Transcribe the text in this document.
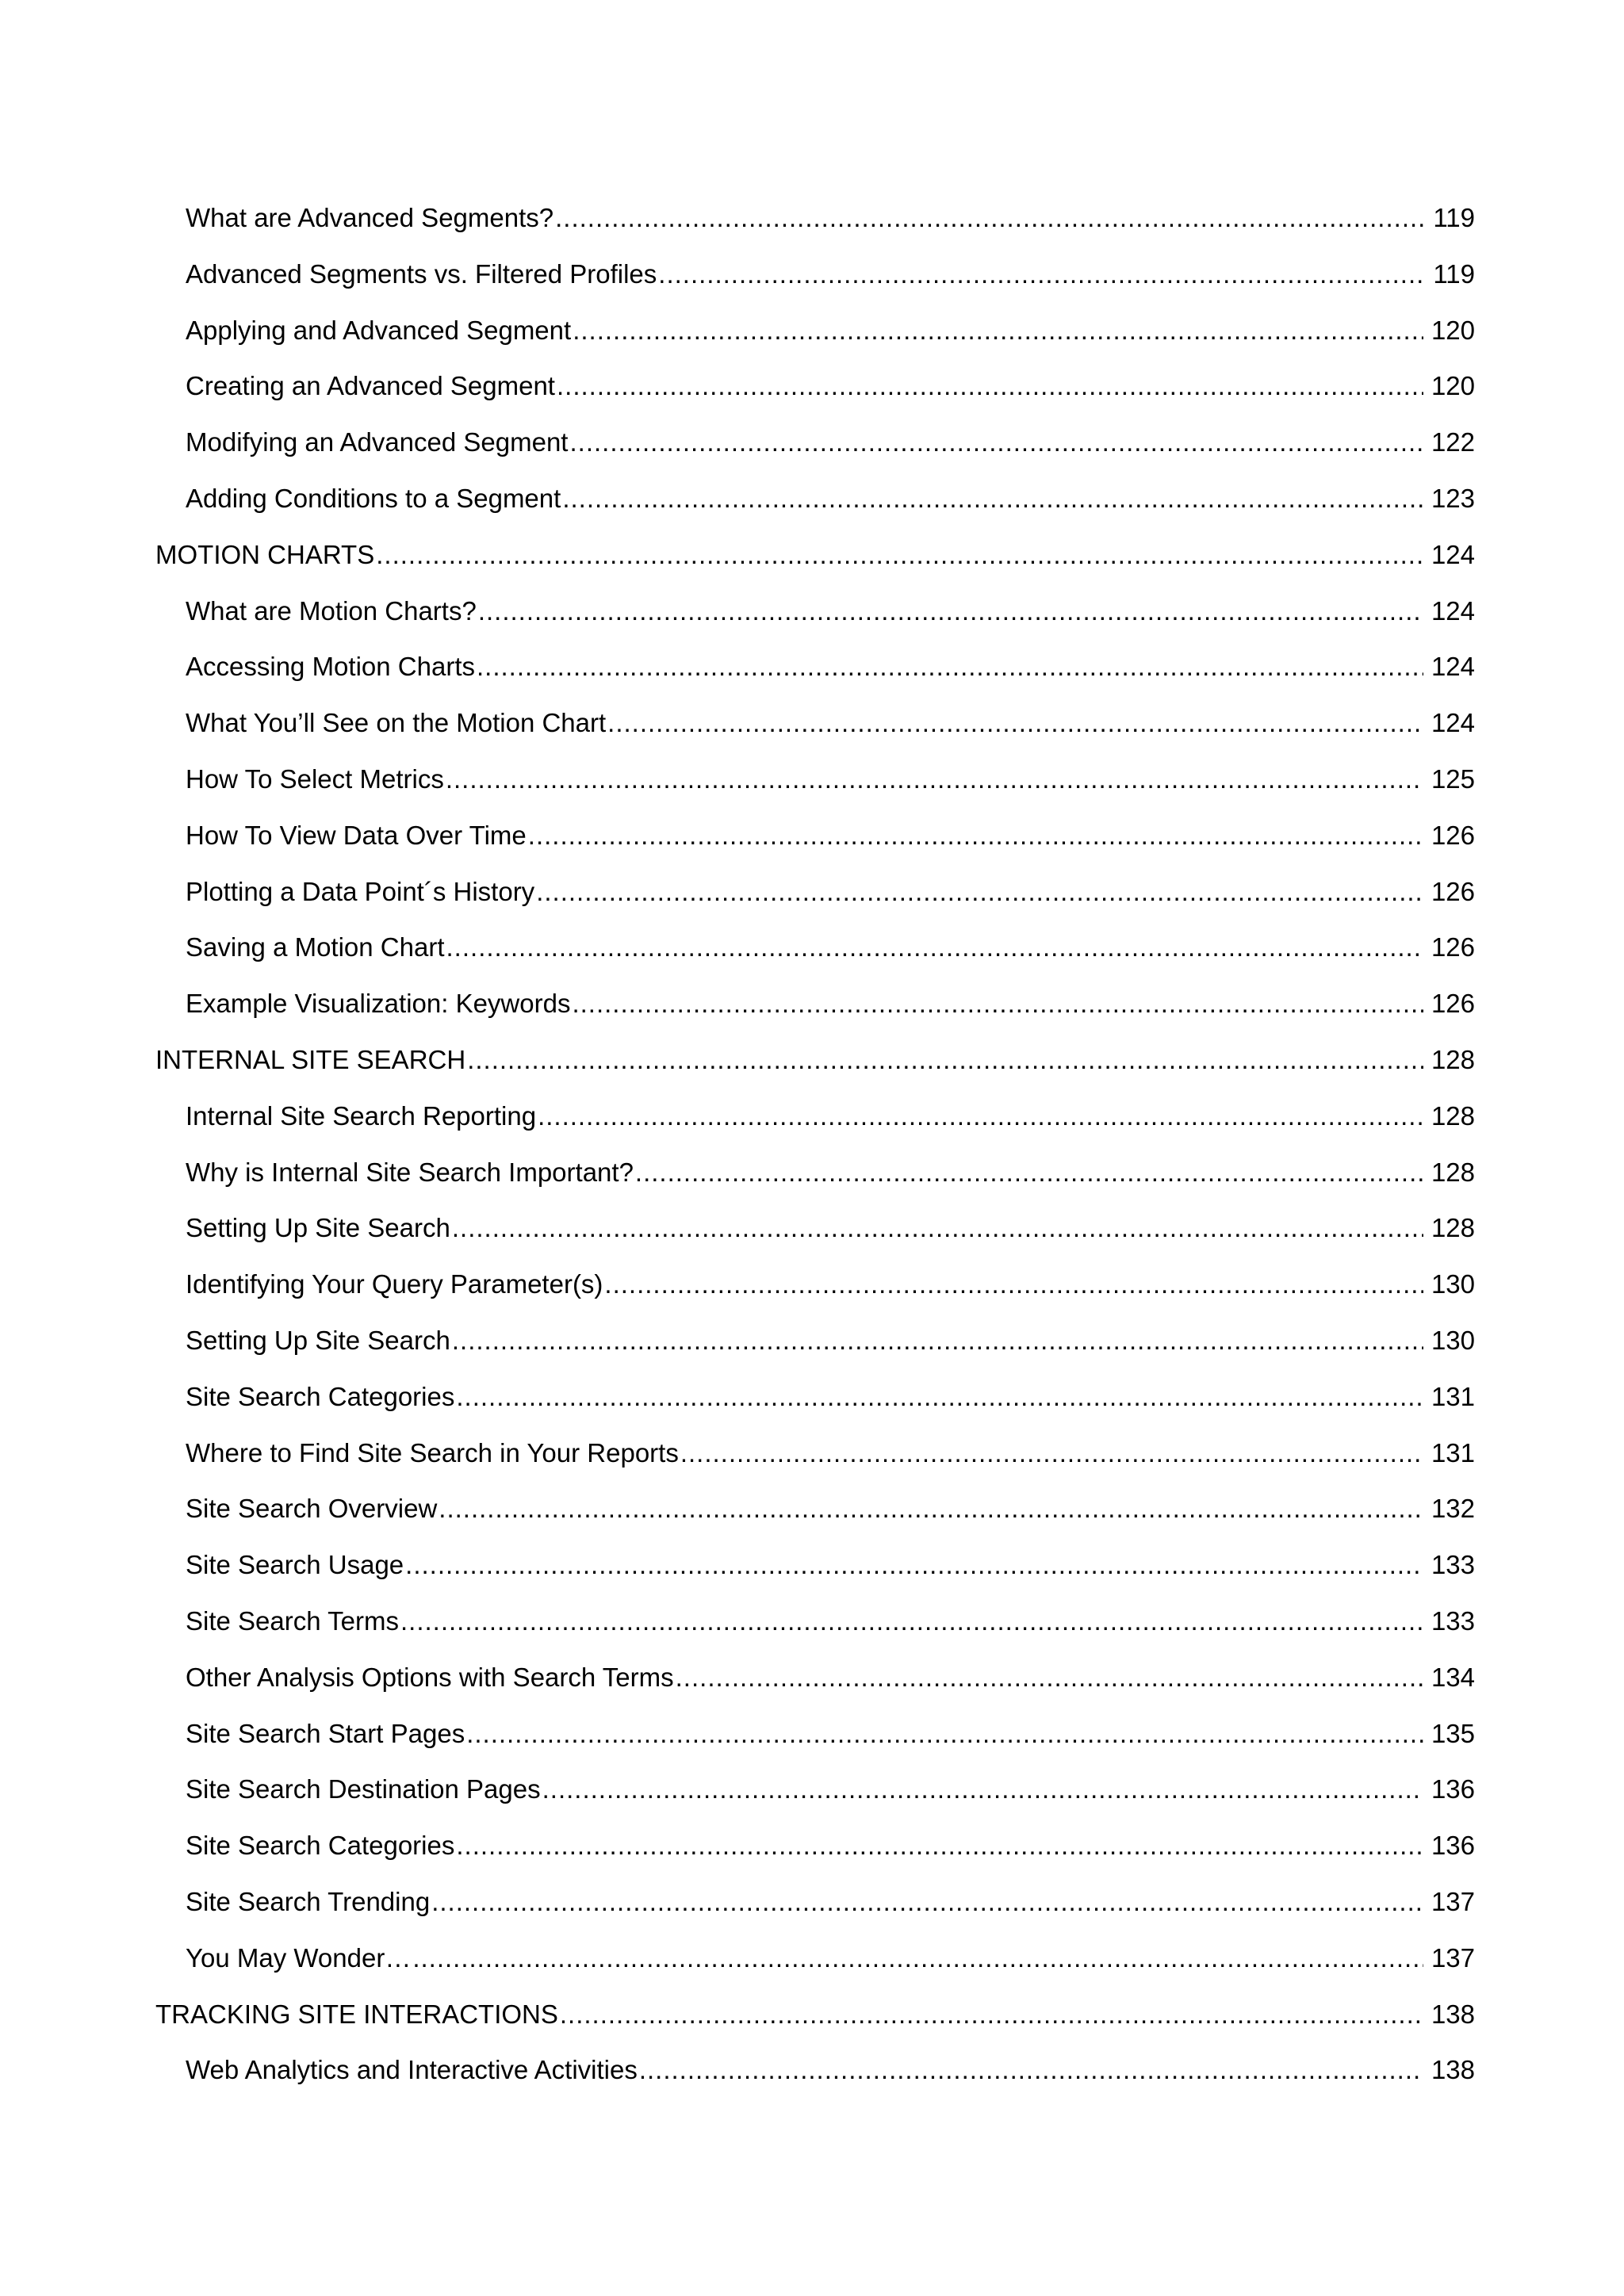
What are Advanced Segments? .....	119
Advanced Segments vs. Filtered Profiles .....	119
Applying and Advanced Segment .....	120
Creating an Advanced Segment .....	120
Modifying an Advanced Segment .....	122
Adding Conditions to a Segment .....	123
MOTION CHARTS .....	124
What are Motion Charts? .....	124
Accessing Motion Charts .....	124
What You’ll See on the Motion Chart .....	124
How To Select Metrics .....	125
How To View Data Over Time .....	126
Plotting a Data Point´s History .....	126
Saving a Motion Chart .....	126
Example Visualization: Keywords .....	126
INTERNAL SITE SEARCH .....	128
Internal Site Search Reporting .....	128
Why is Internal Site Search Important? .....	128
Setting Up Site Search .....	128
Identifying Your Query Parameter(s) .....	130
Setting Up Site Search .....	130
Site Search Categories .....	131
Where to Find Site Search in Your Reports .....	131
Site Search Overview .....	132
Site Search Usage .....	133
Site Search Terms .....	133
Other Analysis Options with Search Terms .....	134
Site Search Start Pages .....	135
Site Search Destination Pages .....	136
Site Search Categories .....	136
Site Search Trending .....	137
You May Wonder… .....	137
TRACKING SITE INTERACTIONS .....	138
Web Analytics and Interactive Activities .....	138
